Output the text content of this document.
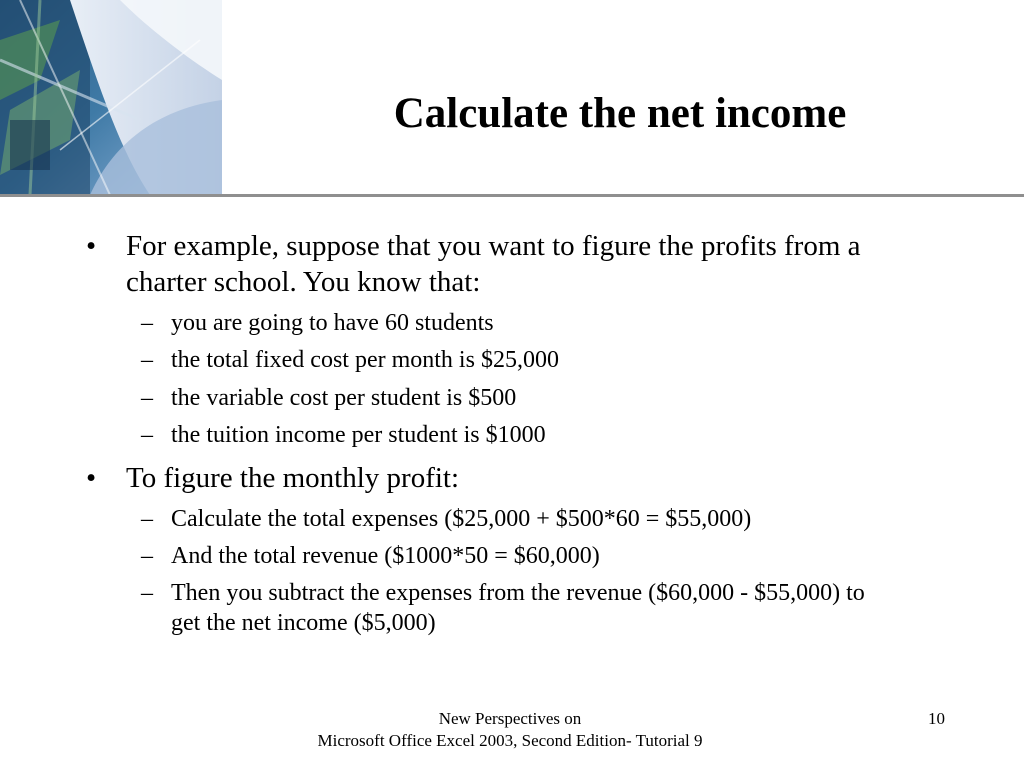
Calculate the net income
• For example, suppose that you want to figure the profits from a charter school. You know that:
– you are going to have 60 students
– the total fixed cost per month is $25,000
– the variable cost per student is $500
– the tuition income per student is $1000
• To figure the monthly profit:
– Calculate the total expenses ($25,000 + $500*60 = $55,000)
– And the total revenue ($1000*50 = $60,000)
– Then you subtract the expenses from the revenue ($60,000 - $55,000) to get the net income ($5,000)
New Perspectives on
Microsoft Office Excel 2003, Second Edition- Tutorial 9
10
